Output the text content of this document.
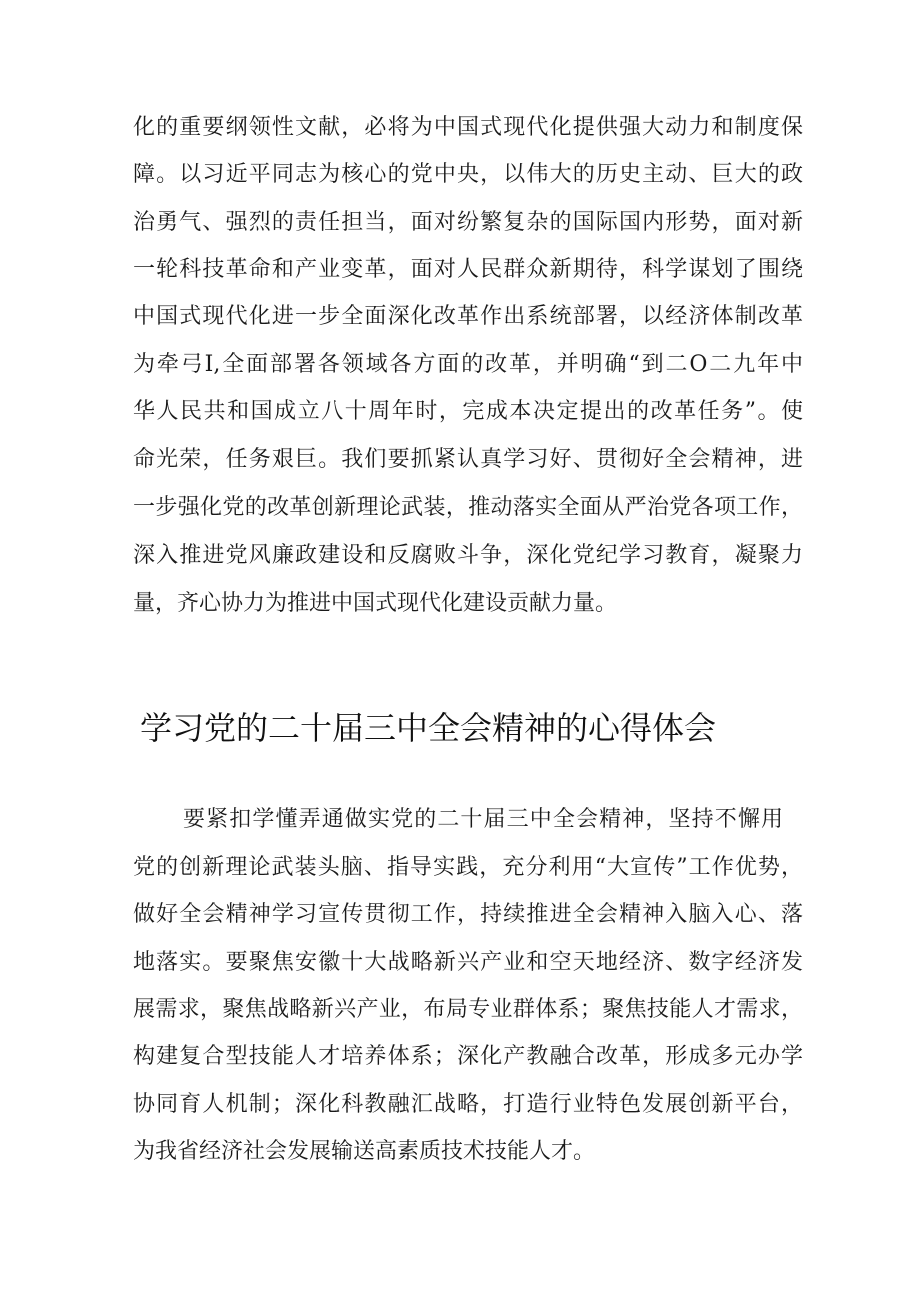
化的重要纲领性文献，必将为中国式现代化提供强大动力和制度保
障。以习近平同志为核心的党中央，以伟大的历史主动、巨大的政
治勇气、强烈的责任担当，面对纷繁复杂的国际国内形势，面对新
一轮科技革命和产业变革，面对人民群众新期待，科学谋划了围绕
中国式现代化进一步全面深化改革作出系统部署，以经济体制改革
为牵弓I,全面部署各领域各方面的改革，并明确“到二O二九年中
华人民共和国成立八十周年时，完成本决定提出的改革任务”。使
命光荣，任务艰巨。我们要抓紧认真学习好、贯彻好全会精神，进
一步强化党的改革创新理论武装，推动落实全面从严治党各项工作，
深入推进党风廉政建设和反腐败斗争，深化党纪学习教育，凝聚力
量，齐心协力为推进中国式现代化建设贡献力量。
学习党的二十届三中全会精神的心得体会
要紧扣学懂弄通做实党的二十届三中全会精神，坚持不懈用
党的创新理论武装头脑、指导实践，充分利用“大宣传”工作优势，
做好全会精神学习宣传贯彻工作，持续推进全会精神入脑入心、落
地落实。要聚焦安徽十大战略新兴产业和空天地经济、数字经济发
展需求，聚焦战略新兴产业，布局专业群体系；聚焦技能人才需求，
构建复合型技能人才培养体系；深化产教融合改革，形成多元办学
协同育人机制；深化科教融汇战略，打造行业特色发展创新平台，
为我省经济社会发展输送高素质技术技能人才。
